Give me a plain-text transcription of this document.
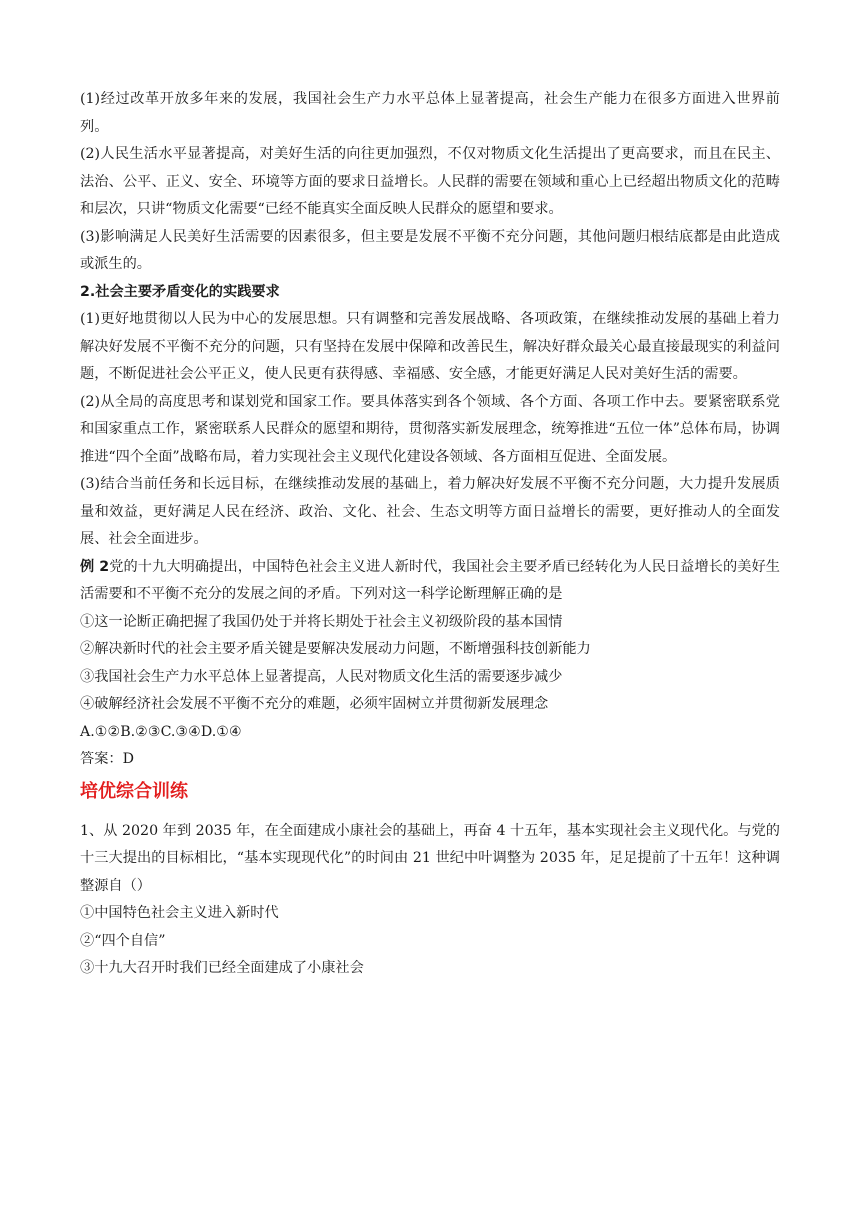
(1)经过改革开放多年来的发展，我国社会生产力水平总体上显著提高，社会生产能力在很多方面进入世界前列。

(2)人民生活水平显著提高，对美好生活的向往更加强烈，不仅对物质文化生活提出了更高要求，而且在民主、法治、公平、正义、安全、环境等方面的要求日益增长。人民群的需要在领域和重心上已经超出物质文化的范畴和层次，只讲“物质文化需要“已经不能真实全面反映人民群众的愿望和要求。

(3)影响满足人民美好生活需要的因素很多，但主要是发展不平衡不充分问题，其他问题归根结底都是由此造成或派生的。

2.社会主要矛盾变化的实践要求

(1)更好地贯彻以人民为中心的发展思想。只有调整和完善发展战略、各项政策，在继续推动发展的基础上着力解决好发展不平衡不充分的问题，只有坚持在发展中保障和改善民生，解决好群众最关心最直接最现实的利益问题，不断促进社会公平正义，使人民更有获得感、幸福感、安全感，才能更好满足人民对美好生活的需要。

(2)从全局的高度思考和谋划党和国家工作。要具体落实到各个领域、各个方面、各项工作中去。要紧密联系党和国家重点工作，紧密联系人民群众的愿望和期待，贯彻落实新发展理念，统筹推进“五位一体”总体布局，协调推进“四个全面”战略布局，着力实现社会主义现代化建设各领域、各方面相互促进、全面发展。

(3)结合当前任务和长远目标，在继续推动发展的基础上，着力解决好发展不平衡不充分问题，大力提升发展质量和效益，更好满足人民在经济、政治、文化、社会、生态文明等方面日益增长的需要，更好推动人的全面发展、社会全面进步。

例 2党的十九大明确提出，中国特色社会主义进人新时代，我国社会主要矛盾已经转化为人民日益增长的美好生活需要和不平衡不充分的发展之间的矛盾。下列对这一科学论断理解正确的是

①这一论断正确把握了我国仍处于并将长期处于社会主义初级阶段的基本国情

②解决新时代的社会主要矛盾关键是要解决发展动力问题，不断增强科技创新能力

③我国社会生产力水平总体上显著提高，人民对物质文化生活的需要逐步减少

④破解经济社会发展不平衡不充分的难题，必须牢固树立并贯彻新发展理念

A.①②B.②③C.③④D.①④

答案：D

培优综合训练

1、从 2020 年到 2035 年，在全面建成小康社会的基础上，再奋 4 十五年，基本实现社会主义现代化。与党的十三大提出的目标相比，“基本实现现代化”的时间由 21 世纪中叶调整为 2035 年，足足提前了十五年！这种调整源自（）

①中国特色社会主义进入新时代

②“四个自信”

③十九大召开时我们已经全面建成了小康社会
